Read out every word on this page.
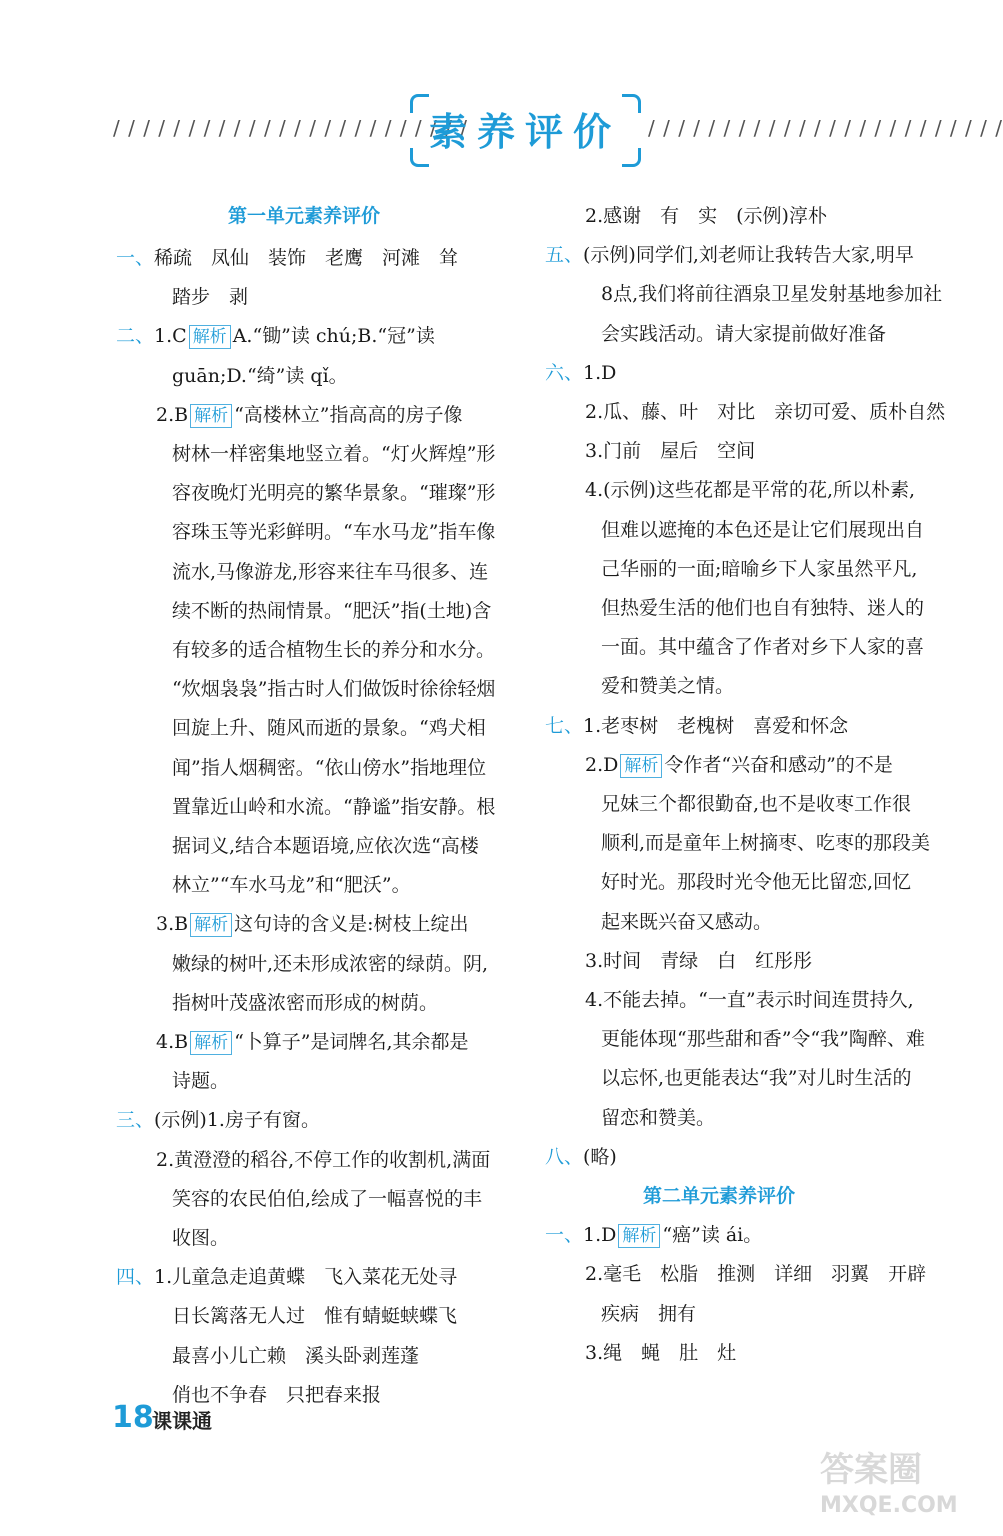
/ / / / / / / / / / / / / / / / / / / / / / / /	/ / / / / / / / / / / / / / / / / / / / / / / /
素养评价
第一单元素养评价
一、稀疏　凤仙　装饰　老鹰　河滩　耸
踏步　剥
二、1.C 解析 A.“锄”读 chú;B.“冠”读
guān;D.“绮”读 qǐ。
2.B 解析 “高楼林立”指高高的房子像
树林一样密集地竖立着。“灯火辉煌”形
容夜晚灯光明亮的繁华景象。“璀璨”形
容珠玉等光彩鲜明。“车水马龙”指车像
流水,马像游龙,形容来往车马很多、连
续不断的热闹情景。“肥沃”指(土地)含
有较多的适合植物生长的养分和水分。
“炊烟袅袅”指古时人们做饭时徐徐轻烟
回旋上升、随风而逝的景象。“鸡犬相
闻”指人烟稠密。“依山傍水”指地理位
置靠近山岭和水流。“静谧”指安静。根
据词义,结合本题语境,应依次选“高楼
林立”“车水马龙”和“肥沃”。
3.B 解析 这句诗的含义是:树枝上绽出
嫩绿的树叶,还未形成浓密的绿荫。阴,
指树叶茂盛浓密而形成的树荫。
4.B 解析 “卜算子”是词牌名,其余都是
诗题。
三、(示例)1.房子有窗。
2.黄澄澄的稻谷,不停工作的收割机,满面
笑容的农民伯伯,绘成了一幅喜悦的丰
收图。
四、1.儿童急走追黄蝶　飞入菜花无处寻
日长篱落无人过　惟有蜻蜓蛱蝶飞
最喜小儿亡赖　溪头卧剥莲蓬
俏也不争春　只把春来报
2.感谢　有　实　(示例)淳朴
五、(示例)同学们,刘老师让我转告大家,明早
8点,我们将前往酒泉卫星发射基地参加社
会实践活动。请大家提前做好准备
六、1.D
2.瓜、藤、叶　对比　亲切可爱、质朴自然
3.门前　屋后　空间
4.(示例)这些花都是平常的花,所以朴素,
但难以遮掩的本色还是让它们展现出自
己华丽的一面;暗喻乡下人家虽然平凡,
但热爱生活的他们也自有独特、迷人的
一面。其中蕴含了作者对乡下人家的喜
爱和赞美之情。
七、1.老枣树　老槐树　喜爱和怀念
2.D 解析 令作者“兴奋和感动”的不是
兄妹三个都很勤奋,也不是收枣工作很
顺利,而是童年上树摘枣、吃枣的那段美
好时光。那段时光令他无比留恋,回忆
起来既兴奋又感动。
3.时间　青绿　白　红彤彤
4.不能去掉。“一直”表示时间连贯持久,
更能体现“那些甜和香”令“我”陶醉、难
以忘怀,也更能表达“我”对儿时生活的
留恋和赞美。
八、(略)
第二单元素养评价
一、1.D 解析 “癌”读 ái。
2.毫毛　松脂　推测　详细　羽翼　开辟
疾病　拥有
3.绳　蝇　肚　灶
18
课课通
答案圈
MXQE.COM
